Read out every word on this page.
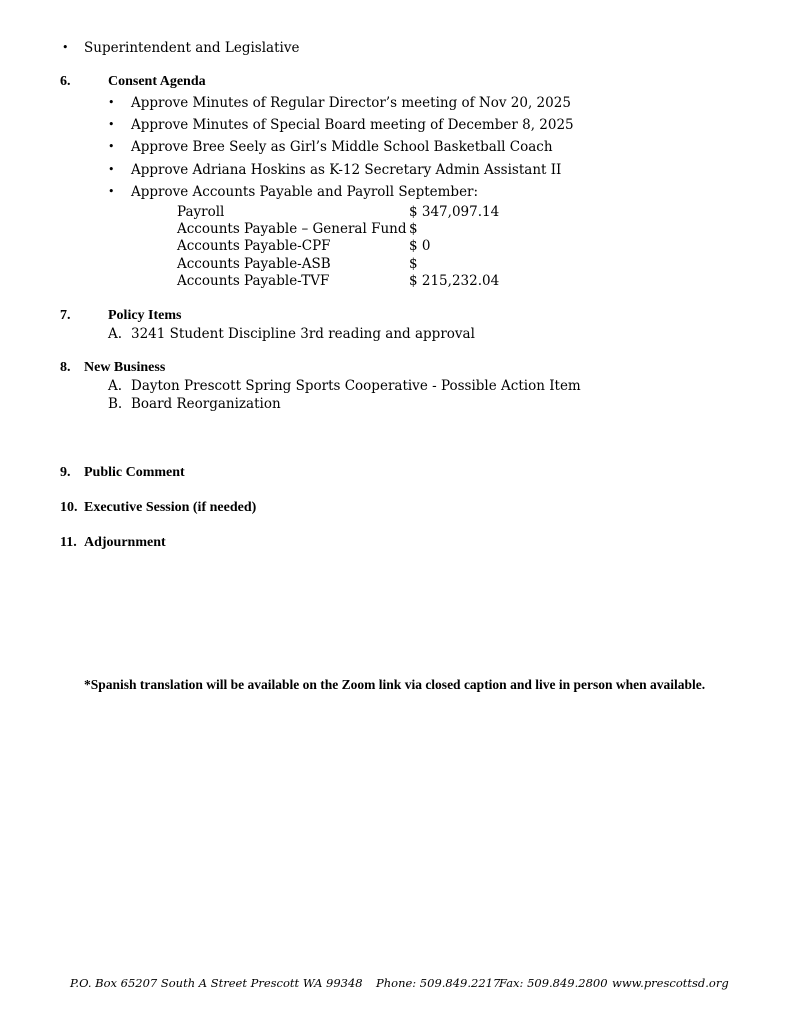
• Superintendent and Legislative
6.	Consent Agenda
• Approve Minutes of Regular Director’s meeting of Nov 20, 2025
• Approve Minutes of Special Board meeting of December 8, 2025
• Approve Bree Seely as Girl’s Middle School Basketball Coach
• Approve Adriana Hoskins as K-12 Secretary Admin Assistant II
• Approve Accounts Payable and Payroll September:
Payroll	$ 347,097.14
Accounts Payable – General Fund $
Accounts Payable-CPF	$ 0
Accounts Payable-ASB	$
Accounts Payable-TVF	$ 215,232.04
7.	Policy Items
A. 3241 Student Discipline 3rd reading and approval
8. New Business
A. Dayton Prescott Spring Sports Cooperative - Possible Action Item
B. Board Reorganization
9. Public Comment
10. Executive Session (if needed)
11. Adjournment
*Spanish translation will be available on the Zoom link via closed caption and live in person when available.
P.O. Box 65207 South A Street Prescott WA 99348 Phone: 509.849.2217
Fax: 509.849.2800 www.prescottsd.org
